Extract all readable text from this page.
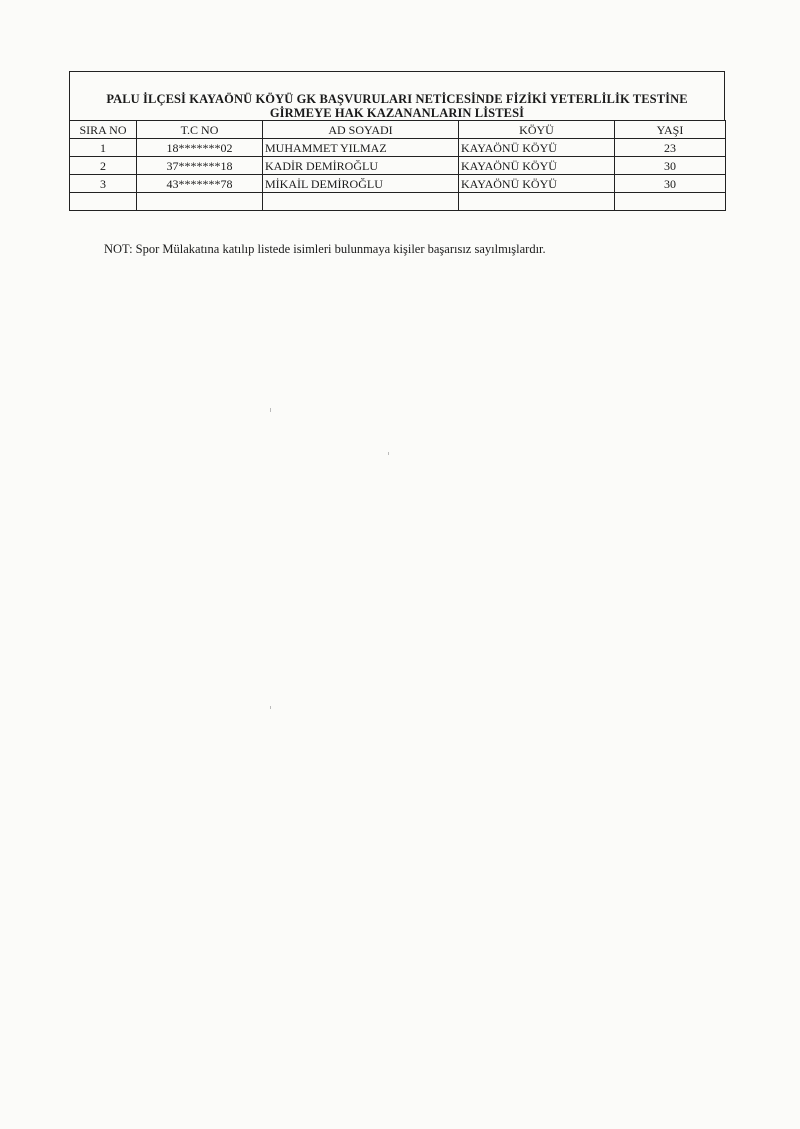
PALU İLÇESİ KAYAÖNÜ KÖYÜ GK BAŞVURULARI NETİCESİNDE FİZİKİ YETERLİLİK TESTİNE
GİRMEYE HAK KAZANANLARIN LİSTESİ
SIRA NO	T.C NO	AD SOYADI	KÖYÜ	YAŞI
1	18*******02	MUHAMMET YILMAZ	KAYAÖNÜ KÖYÜ	23
2	37*******18	KADİR DEMİROĞLU	KAYAÖNÜ KÖYÜ	30
3	43*******78	MİKAİL DEMİROĞLU	KAYAÖNÜ KÖYÜ	30

NOT: Spor Mülakatına katılıp listede isimleri bulunmaya kişiler başarısız sayılmışlardır.
